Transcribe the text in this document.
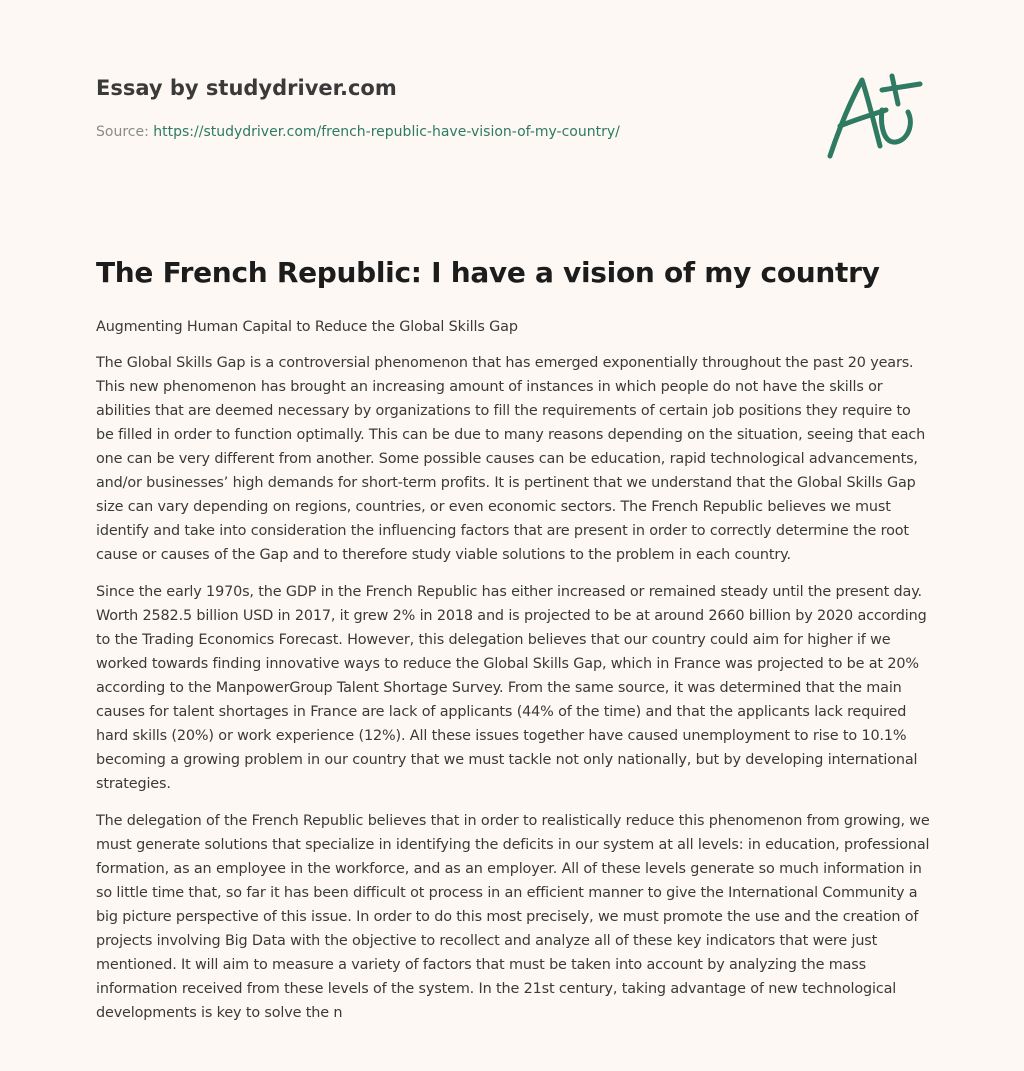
Essay by studydriver.com
Source: https://studydriver.com/french-republic-have-vision-of-my-country/
The French Republic: I have a vision of my country

Augmenting Human Capital to Reduce the Global Skills Gap

The Global Skills Gap is a controversial phenomenon that has emerged exponentially throughout the past 20 years. This new phenomenon has brought an increasing amount of instances in which people do not have the skills or abilities that are deemed necessary by organizations to fill the requirements of certain job positions they require to be filled in order to function optimally. This can be due to many reasons depending on the situation, seeing that each one can be very different from another. Some possible causes can be education, rapid technological advancements, and/or businesses’ high demands for short-term profits. It is pertinent that we understand that the Global Skills Gap size can vary depending on regions, countries, or even economic sectors. The French Republic believes we must identify and take into consideration the influencing factors that are present in order to correctly determine the root cause or causes of the Gap and to therefore study viable solutions to the problem in each country.

Since the early 1970s, the GDP in the French Republic has either increased or remained steady until the present day. Worth 2582.5 billion USD in 2017, it grew 2% in 2018 and is projected to be at around 2660 billion by 2020 according to the Trading Economics Forecast. However, this delegation believes that our country could aim for higher if we worked towards finding innovative ways to reduce the Global Skills Gap, which in France was projected to be at 20% according to the ManpowerGroup Talent Shortage Survey. From the same source, it was determined that the main causes for talent shortages in France are lack of applicants (44% of the time) and that the applicants lack required hard skills (20%) or work experience (12%). All these issues together have caused unemployment to rise to 10.1% becoming a growing problem in our country that we must tackle not only nationally, but by developing international strategies.

The delegation of the French Republic believes that in order to realistically reduce this phenomenon from growing, we must generate solutions that specialize in identifying the deficits in our system at all levels: in education, professional formation, as an employee in the workforce, and as an employer. All of these levels generate so much information in so little time that, so far it has been difficult ot process in an efficient manner to give the International Community a big picture perspective of this issue. In order to do this most precisely, we must promote the use and the creation of projects involving Big Data with the objective to recollect and analyze all of these key indicators that were just mentioned. It will aim to measure a variety of factors that must be taken into account by analyzing the mass information received from these levels of the system. In the 21st century, taking advantage of new technological developments is key to solve the n
